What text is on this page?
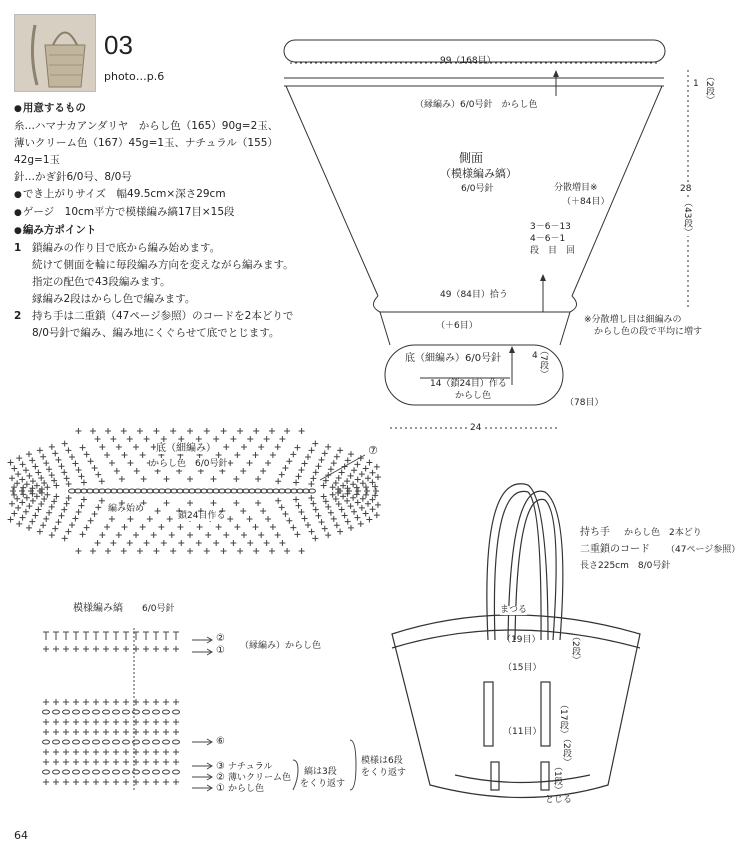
03
photo…p.6
● 用意するもの
糸…ハマナカアンダリヤ　からし色（165）90g=2玉、
薄いクリーム色（167）45g=1玉、ナチュラル（155）
42g=1玉
針…かぎ針6/0号、8/0号
● でき上がりサイズ　幅49.5cm×深さ29cm
● ゲージ　10cm平方で模様編み縞17目×15段
● 編み方ポイント
1	鎖編みの作り目で底から編み始めます。
続けて側面を輪に毎段編み方向を変えながら編みます。
指定の配色で43段編みます。
縁編み2段はからし色で編みます。
2	持ち手は二重鎖（47ページ参照）のコードを2本どりで
8/0号針で編み、編み地にくぐらせて底でとじます。
99（168目）
（縁編み）6/0号針　からし色
1 （2段）
側面
（模様編み縞）
6/0号針	分散増目※
（＋84目）
3－6－13
4－6－1
段　目　回
28
（43段）
49（84目）拾う
（＋6目）
※分散増し目は細編みの
からし色の段で平均に増す
底（細編み）6/0号針	4 （7段）
14（鎖24目）作る
からし色
（78目）
24
底（細編み）
からし色　6/0号針
編み始め
鎖24目作る
⑦
模様編み縞 6/0号針
②
① （縁編み）からし色
⑥
③ ナチュラル
薄いクリーム色
からし色
②
①
縞は3段
をくり返す
模様は6段
をくり返す
持ち手 からし色　2本どり
二重鎖のコード （47ページ参照）
長さ225cm　8/0号針
まつる
（19目）	（2段）
（15目）
（17段）
（11目）
（2段）
（1段）
とじる
64
